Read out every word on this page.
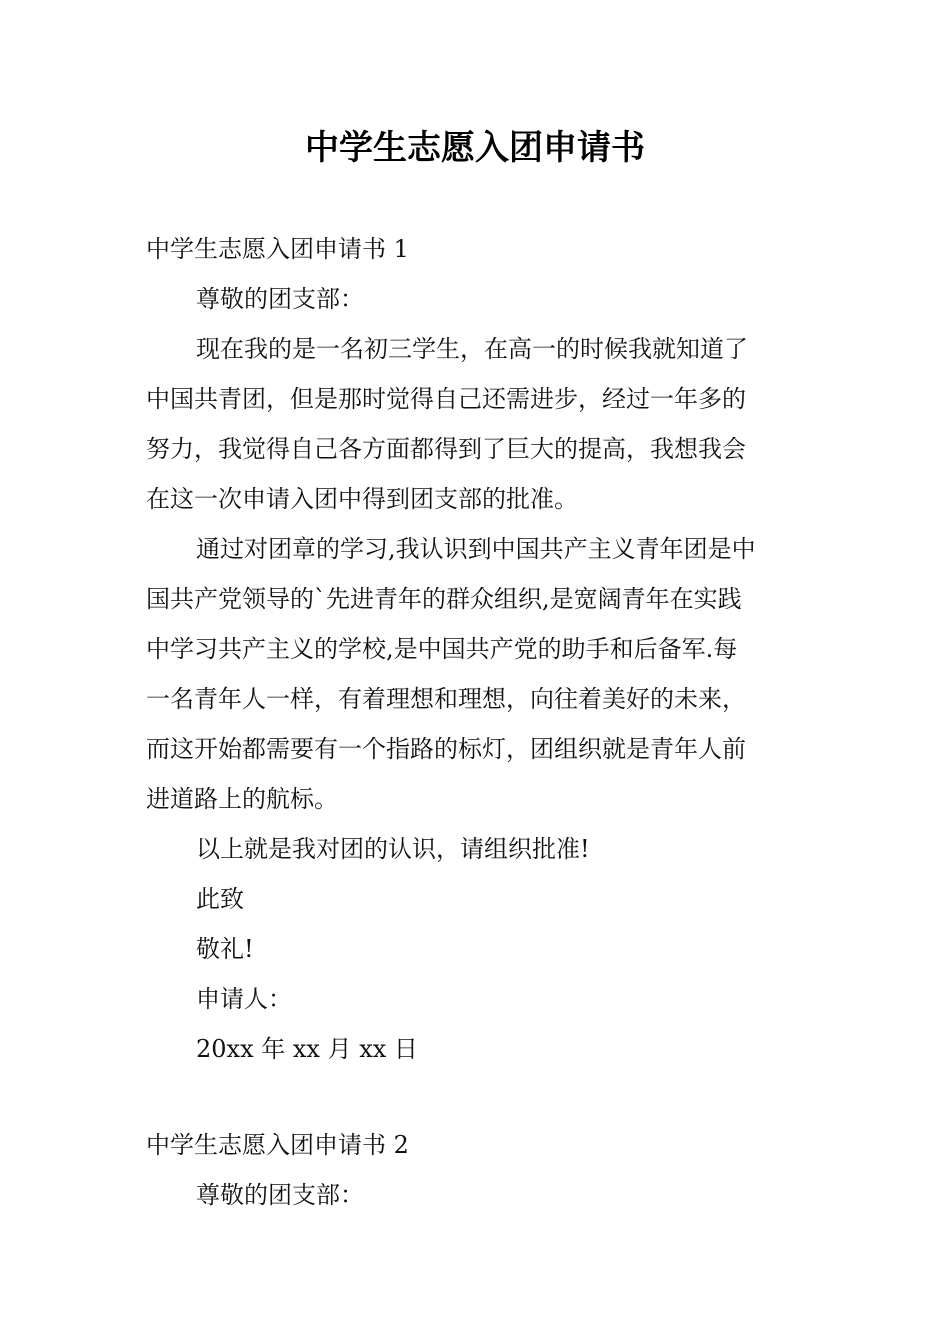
中学生志愿入团申请书
中学生志愿入团申请书 1
尊敬的团支部：
现在我的是一名初三学生，在高一的时候我就知道了
中国共青团，但是那时觉得自己还需进步，经过一年多的
努力，我觉得自己各方面都得到了巨大的提高，我想我会
在这一次申请入团中得到团支部的批准。
通过对团章的学习,我认识到中国共产主义青年团是中
国共产党领导的`先进青年的群众组织,是宽阔青年在实践
中学习共产主义的学校,是中国共产党的助手和后备军.每
一名青年人一样，有着理想和理想，向往着美好的未来，
而这开始都需要有一个指路的标灯，团组织就是青年人前
进道路上的航标。
以上就是我对团的认识，请组织批准!
此致
敬礼!
申请人：
20xx 年 xx 月 xx 日
中学生志愿入团申请书 2
尊敬的团支部：
